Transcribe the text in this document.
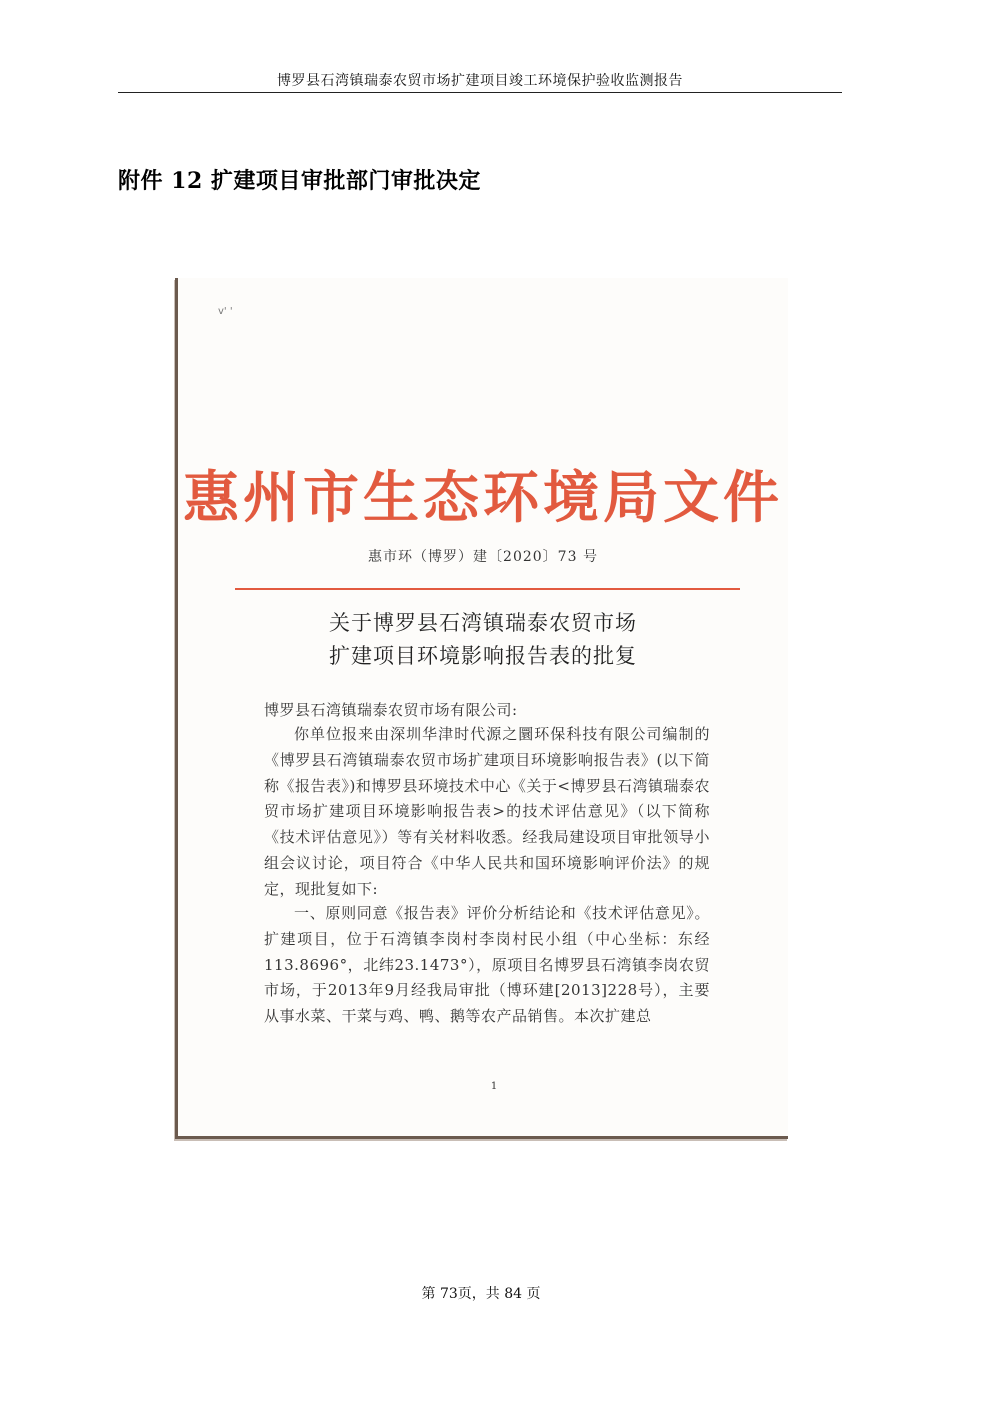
博罗县石湾镇瑞泰农贸市场扩建项目竣工环境保护验收监测报告
附件 12 扩建项目审批部门审批决定
v' '
惠州市生态环境局文件
惠市环（博罗）建〔2020〕73 号
关于博罗县石湾镇瑞泰农贸市场
扩建项目环境影响报告表的批复
博罗县石湾镇瑞泰农贸市场有限公司:
你单位报来由深圳华津时代源之圜环保科技有限公司编制的《博罗县石湾镇瑞泰农贸市场扩建项目环境影响报告表》(以下简称《报告表》)和博罗县环境技术中心《关于<博罗县石湾镇瑞泰农贸市场扩建项目环境影响报告表>的技术评估意见》（以下简称《技术评估意见》）等有关材料收悉。经我局建设项目审批领导小组会议讨论，项目符合《中华人民共和国环境影响评价法》的规定，现批复如下:
一、原则同意《报告表》评价分析结论和《技术评估意见》。扩建项目，位于石湾镇李岗村李岗村民小组（中心坐标：东经113.8696°，北纬23.1473°），原项目名博罗县石湾镇李岗农贸市场，于2013年9月经我局审批（博环建[2013]228号），主要从事水菜、干菜与鸡、鸭、鹅等农产品销售。本次扩建总
1
第 73页，共 84 页
